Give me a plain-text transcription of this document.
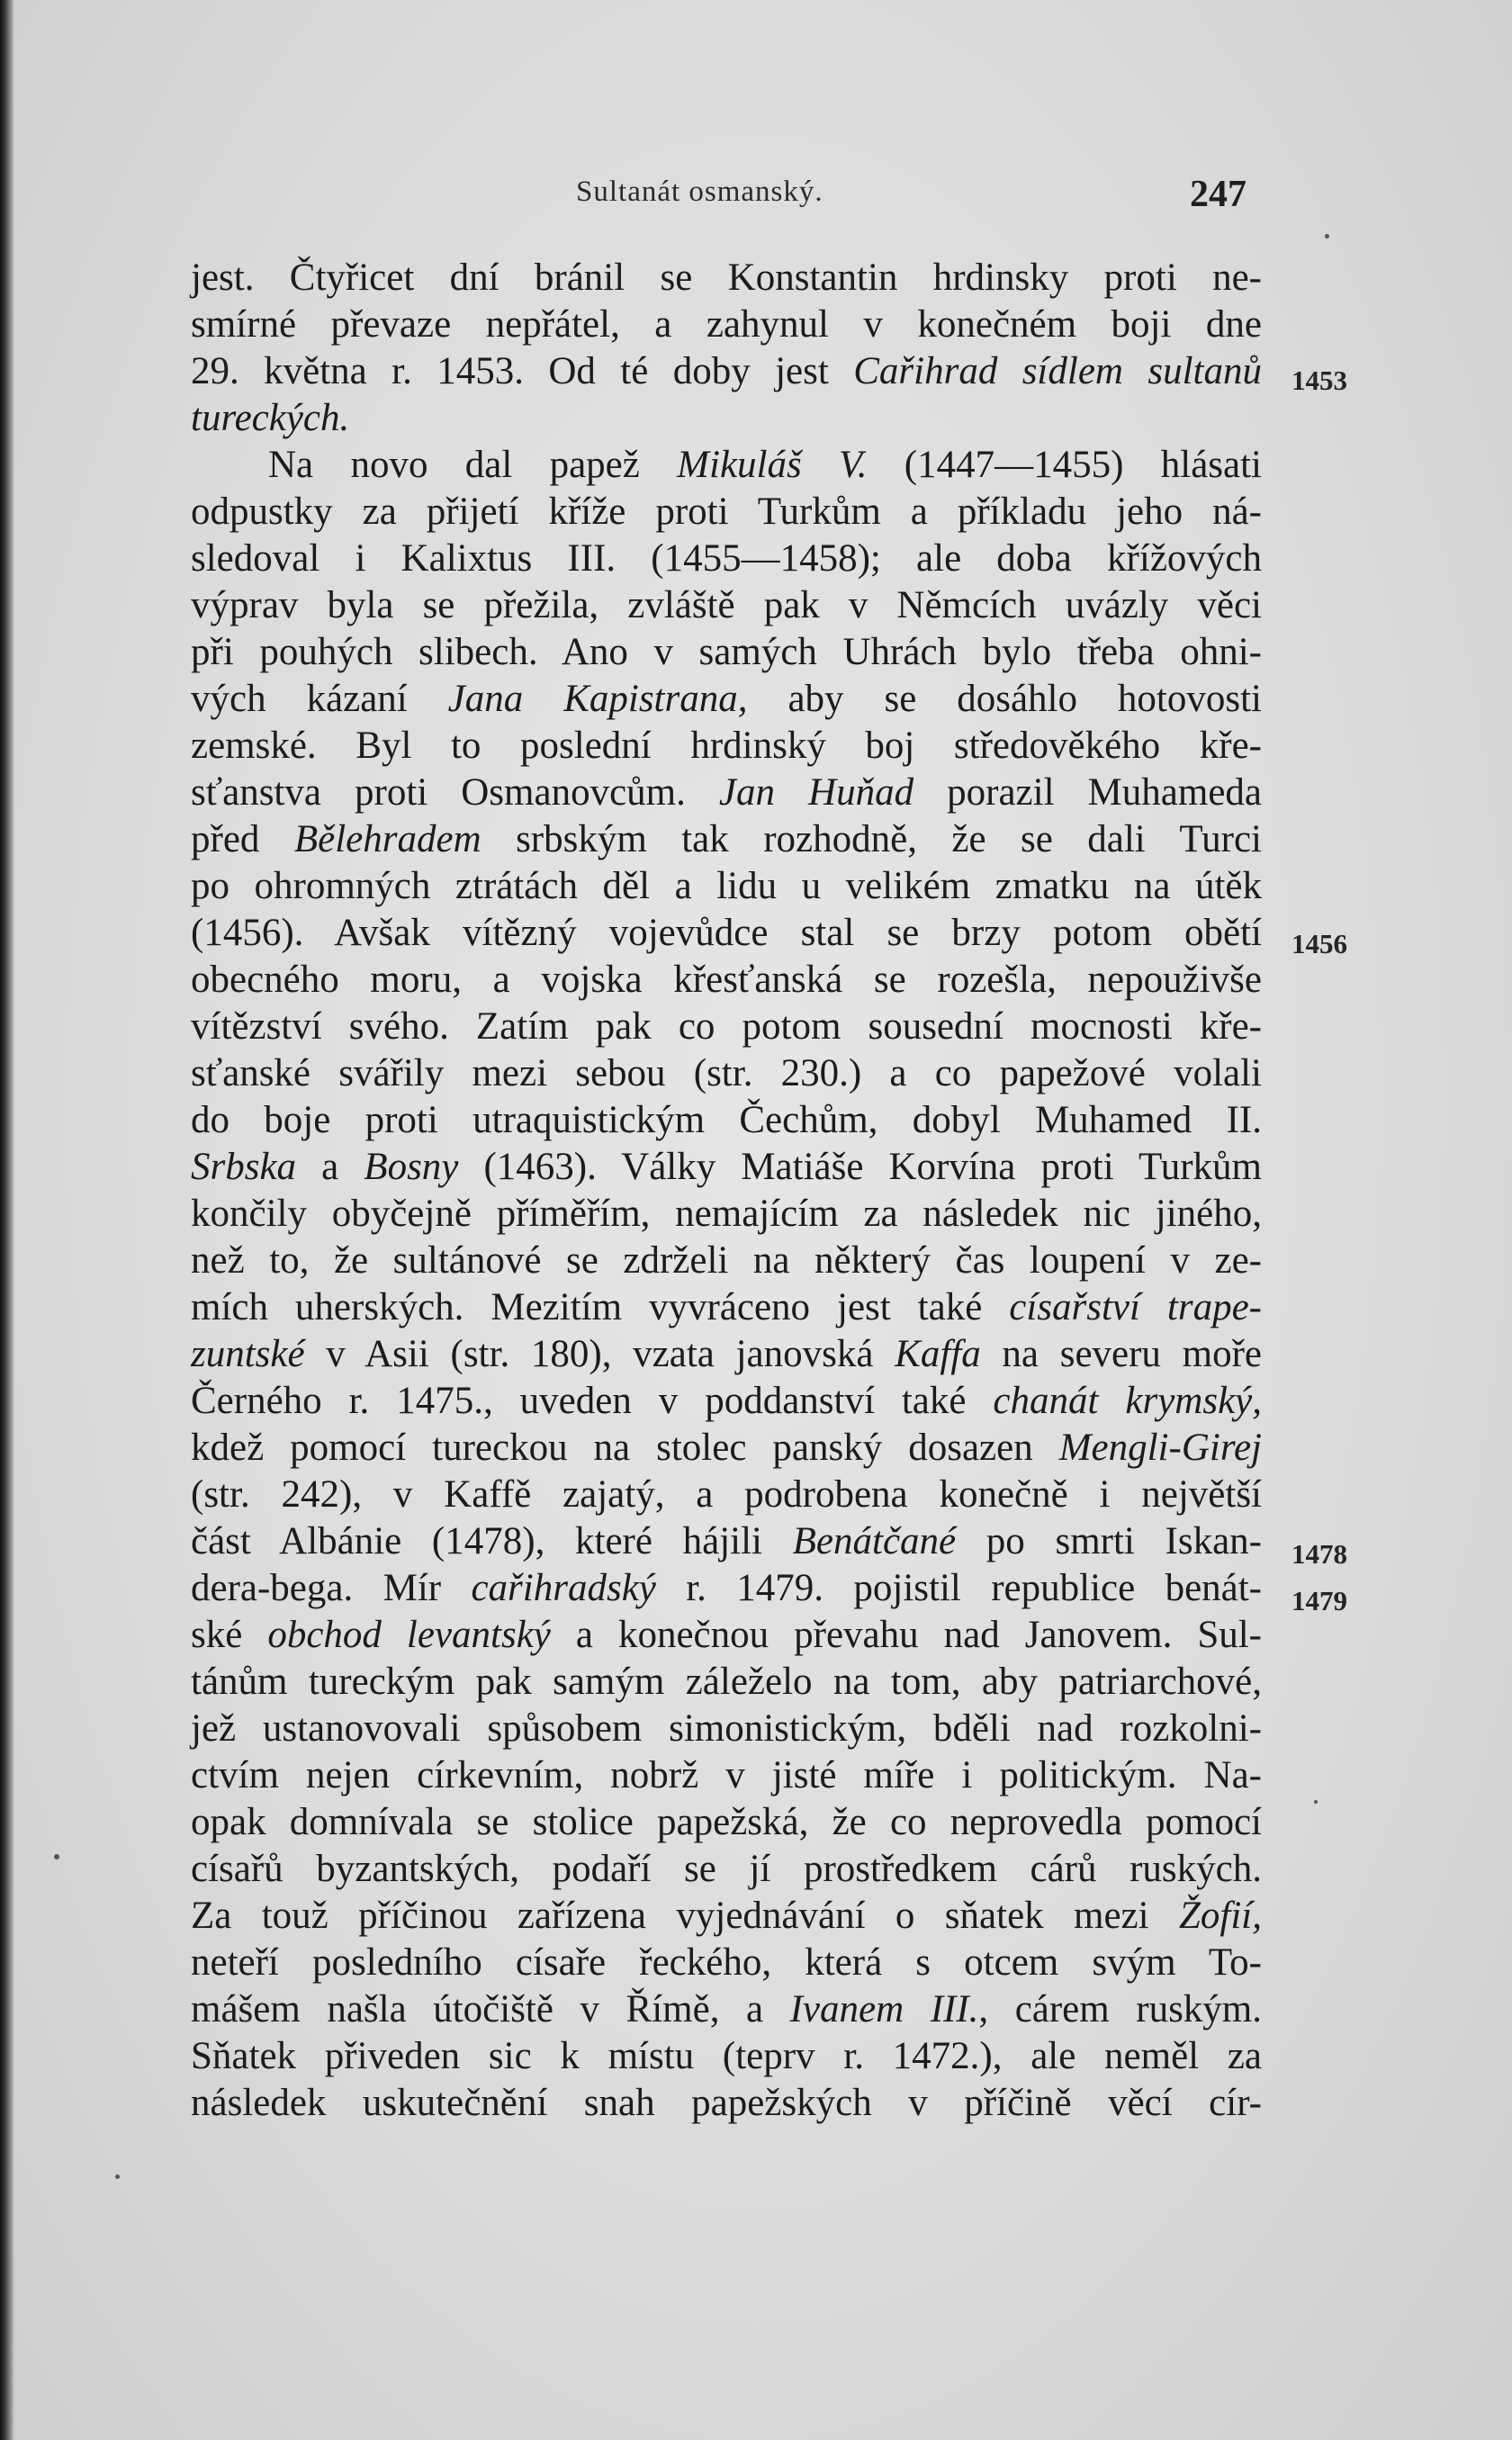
Sultanát osmanský.	247
1453
1456
1478
1479
jest. Čtyřicet dní bránil se Konstantin hrdinsky proti ne-
smírné převaze nepřátel, a zahynul v konečném boji dne
29. května r. 1453. Od té doby jest Cařihrad sídlem sultanů
tureckých.
Na novo dal papež Mikuláš V. (1447—1455) hlásati
odpustky za přijetí kříže proti Turkům a příkladu jeho ná-
sledoval i Kalixtus III. (1455—1458); ale doba křížových
výprav byla se přežila, zvláště pak v Němcích uvázly věci
při pouhých slibech. Ano v samých Uhrách bylo třeba ohni-
vých kázaní Jana Kapistrana, aby se dosáhlo hotovosti
zemské. Byl to poslední hrdinský boj středověkého kře-
sťanstva proti Osmanovcům. Jan Huňad porazil Muhameda
před Bělehradem srbským tak rozhodně, že se dali Turci
po ohromných ztrátách děl a lidu u velikém zmatku na útěk
(1456). Avšak vítězný vojevůdce stal se brzy potom obětí
obecného moru, a vojska křesťanská se rozešla, nepouživše
vítězství svého. Zatím pak co potom sousední mocnosti kře-
sťanské svářily mezi sebou (str. 230.) a co papežové volali
do boje proti utraquistickým Čechům, dobyl Muhamed II.
Srbska a Bosny (1463). Války Matiáše Korvína proti Turkům
končily obyčejně příměřím, nemajícím za následek nic jiného,
než to, že sultánové se zdrželi na některý čas loupení v ze-
mích uherských. Mezitím vyvráceno jest také císařství trape-
zuntské v Asii (str. 180), vzata janovská Kaffa na severu moře
Černého r. 1475., uveden v poddanství také chanát krymský,
kdež pomocí tureckou na stolec panský dosazen Mengli-Girej
(str. 242), v Kaffě zajatý, a podrobena konečně i největší
část Albánie (1478), které hájili Benátčané po smrti Iskan-
dera-bega. Mír cařihradský r. 1479. pojistil republice benát-
ské obchod levantský a konečnou převahu nad Janovem. Sul-
tánům tureckým pak samým záleželo na tom, aby patriarchové,
jež ustanovovali spůsobem simonistickým, bděli nad rozkolni-
ctvím nejen církevním, nobrž v jisté míře i politickým. Na-
opak domnívala se stolice papežská, že co neprovedla pomocí
císařů byzantských, podaří se jí prostředkem cárů ruských.
Za touž příčinou zařízena vyjednávání o sňatek mezi Žofií,
neteří posledního císaře řeckého, která s otcem svým To-
mášem našla útočiště v Římě, a Ivanem III., cárem ruským.
Sňatek přiveden sic k místu (teprv r. 1472.), ale neměl za
následek uskutečnění snah papežských v příčině věcí cír-
